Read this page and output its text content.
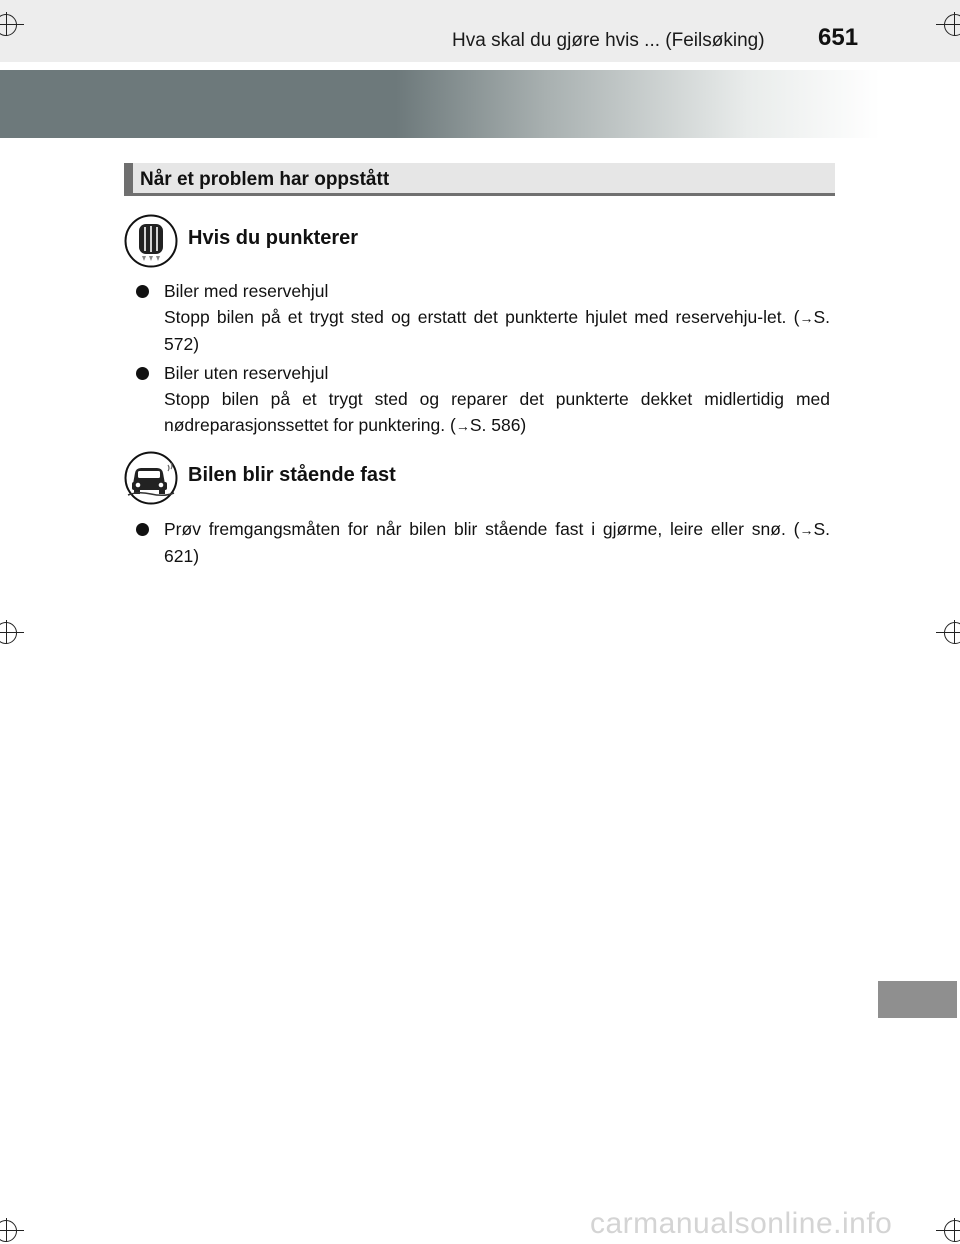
Hva skal du gjøre hvis ... (Feilsøking) 651
Når et problem har oppstått
Hvis du punkterer
Biler med reservehjul
Stopp bilen på et trygt sted og erstatt det punkterte hjulet med reservehju-let. (→S. 572)
Biler uten reservehjul
Stopp bilen på et trygt sted og reparer det punkterte dekket midlertidig med nødreparasjonssettet for punktering. (→S. 586)
Bilen blir stående fast
Prøv fremgangsmåten for når bilen blir stående fast i gjørme, leire eller snø. (→S. 621)
carmanualsonline.info
